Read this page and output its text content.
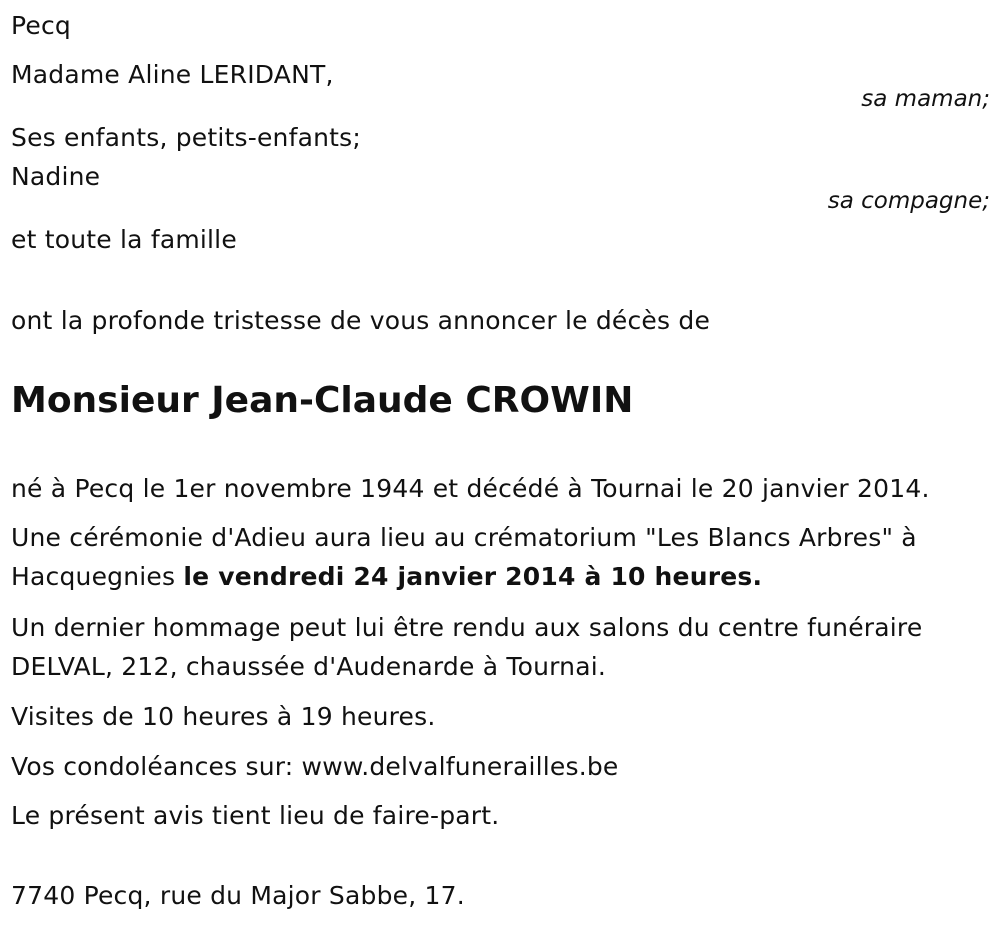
Pecq
Madame Aline LERIDANT,
sa maman;
Ses enfants, petits-enfants;
Nadine
sa compagne;
et toute la famille
ont la profonde tristesse de vous annoncer le décès de
Monsieur Jean-Claude CROWIN
né à Pecq le 1er novembre 1944 et décédé à Tournai le 20 janvier 2014.
Une cérémonie d'Adieu aura lieu au crématorium "Les Blancs Arbres" à
Hacquegnies le vendredi 24 janvier 2014 à 10 heures.
Un dernier hommage peut lui être rendu aux salons du centre funéraire
DELVAL, 212, chaussée d'Audenarde à Tournai.
Visites de 10 heures à 19 heures.
Vos condoléances sur: www.delvalfunerailles.be
Le présent avis tient lieu de faire-part.
7740 Pecq, rue du Major Sabbe, 17.
